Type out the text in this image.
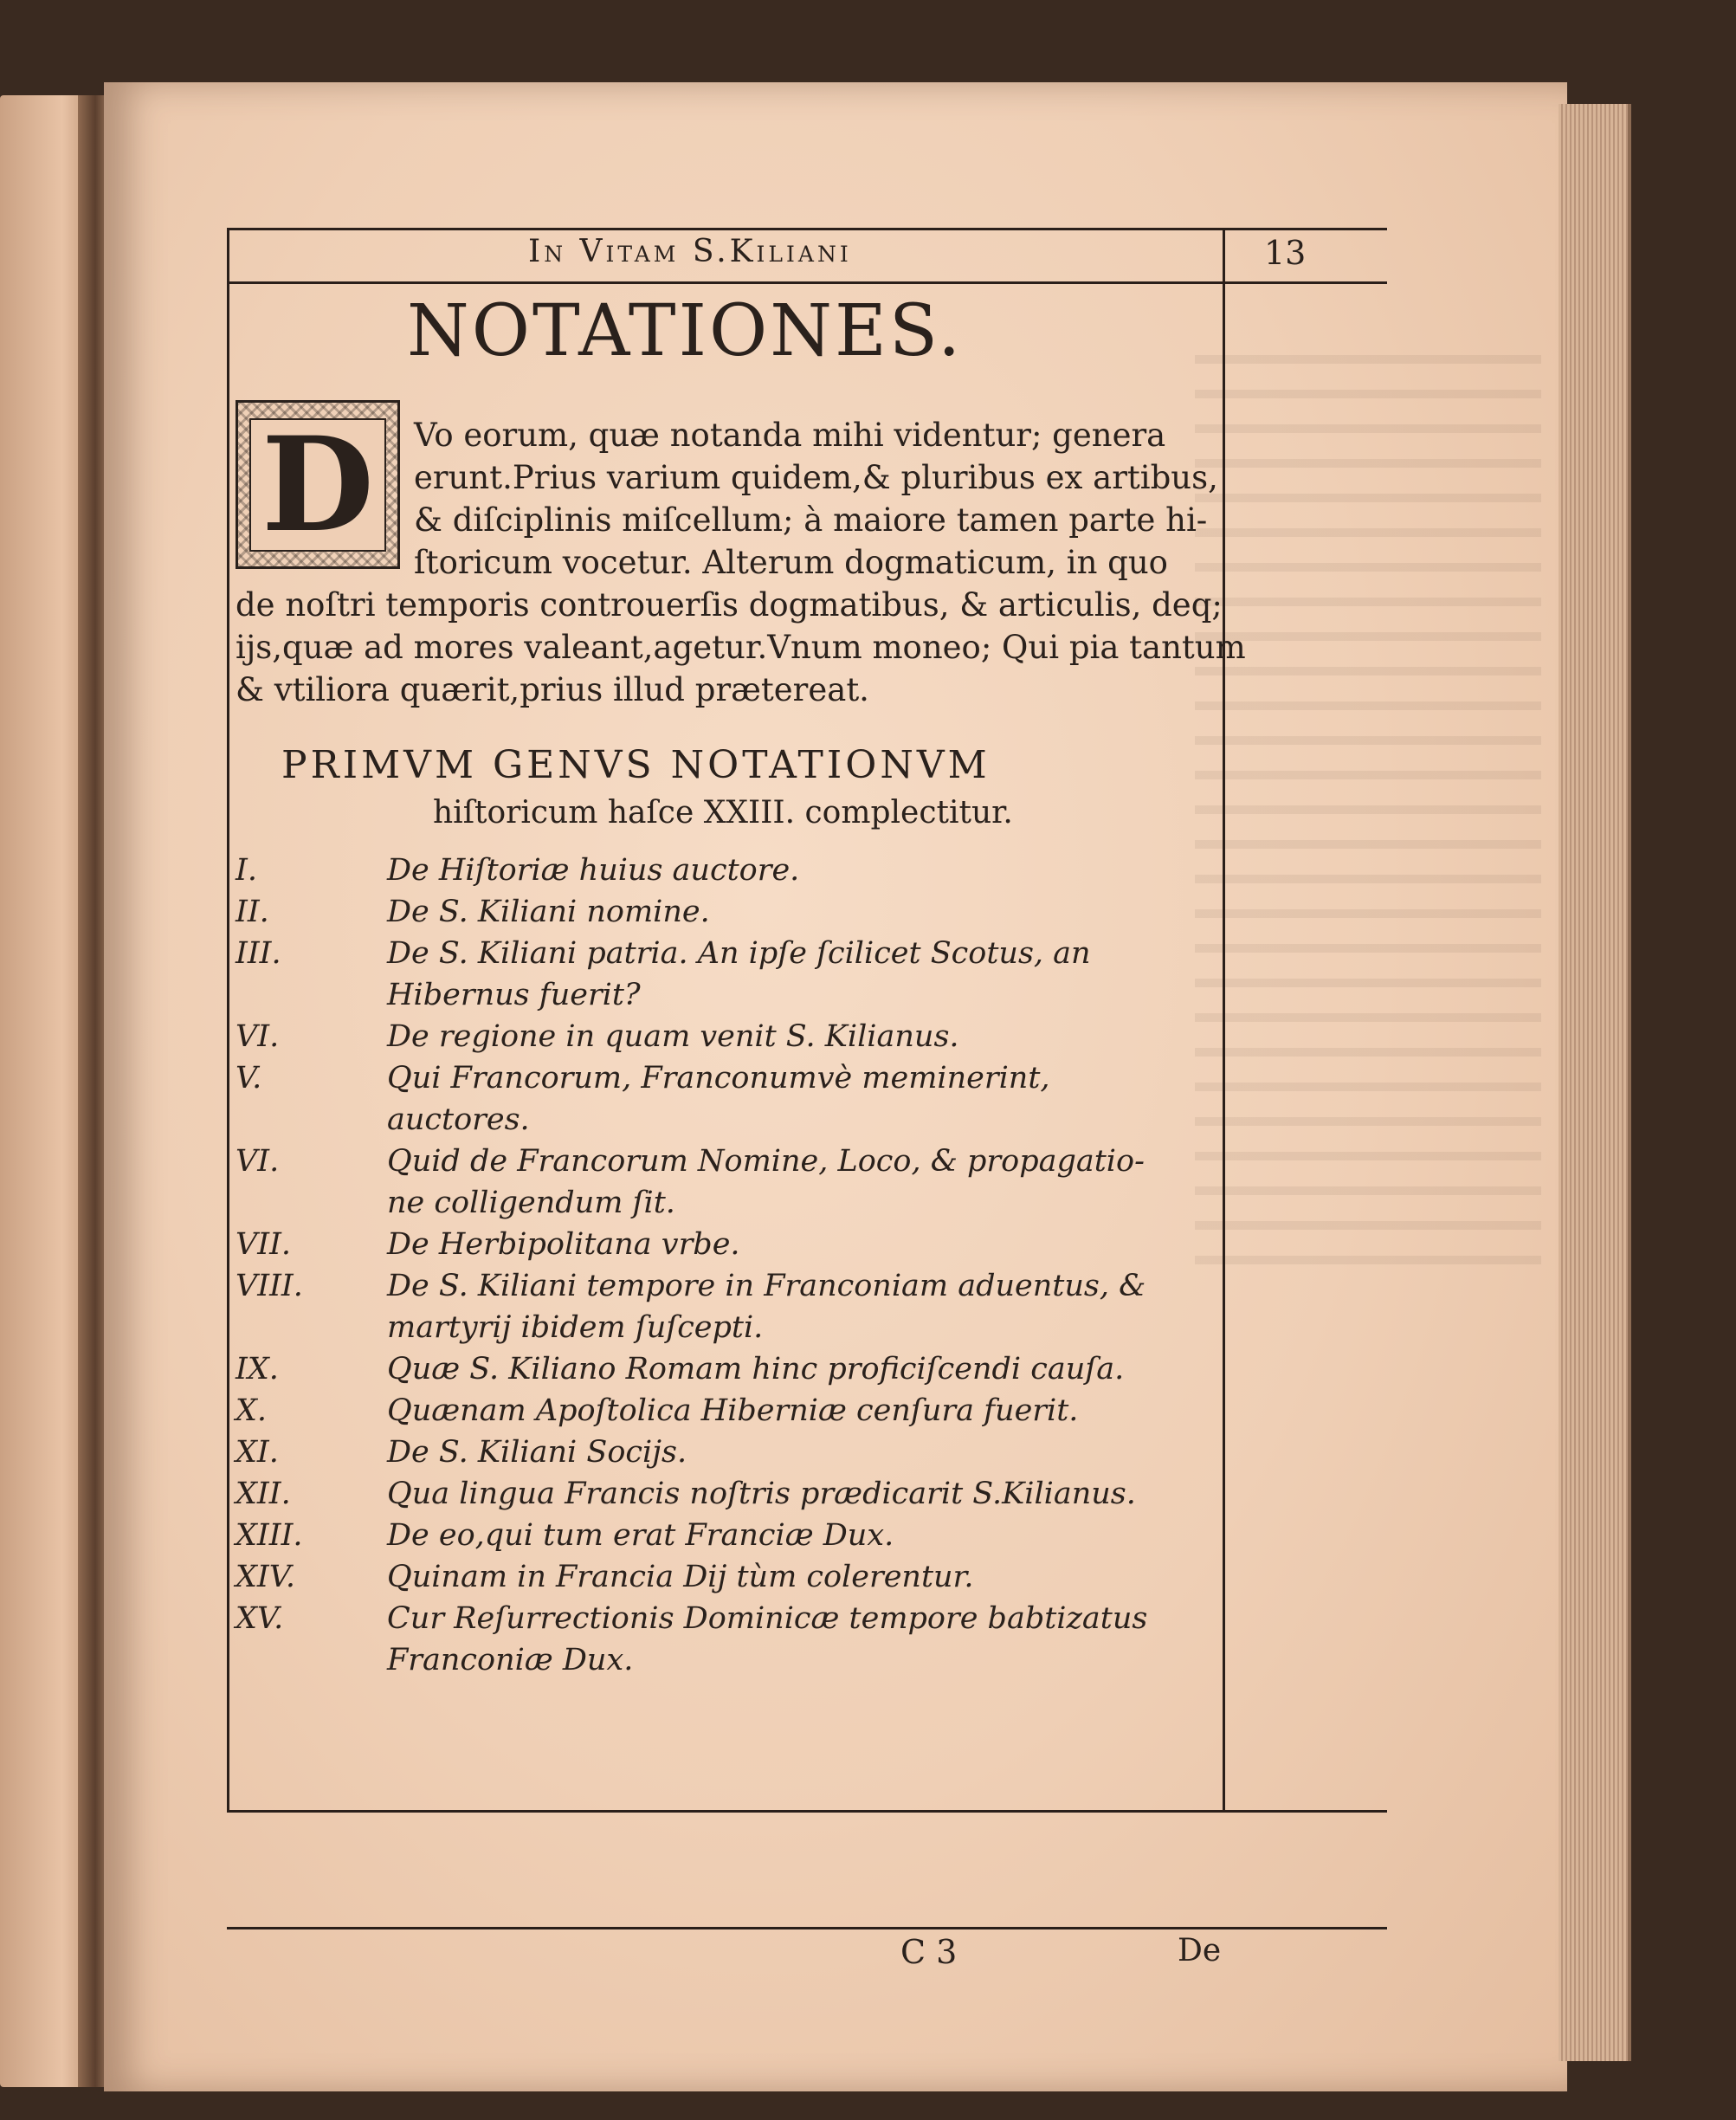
In Vitam S.Kiliani	13
NOTATIONES.
D	Vo eorum, quæ notanda mihi videntur; genera
erunt.Prius varium quidem,& pluribus ex artibus,
& diſciplinis miſcellum; à maiore tamen parte hi-
ſtoricum vocetur. Alterum dogmaticum, in quo
de noſtri temporis controuerſis dogmatibus, & articulis, deq;
ijs,quæ ad mores valeant,agetur.Vnum moneo; Qui pia tantum
& vtiliora quærit,prius illud prætereat.
PRIMVM GENVS NOTATIONVM
hiſtoricum haſce XXIII. complectitur.
I.	De Hiſtoriæ huius auctore.
II.	De S. Kiliani nomine.
III.	De S. Kiliani patria. An ipſe ſcilicet Scotus, an
Hibernus fuerit?
VI.	De regione in quam venit S. Kilianus.
V.	Qui Francorum, Franconumvè meminerint,
auctores.
VI.	Quid de Francorum Nomine, Loco, & propagatio-
ne colligendum ſit.
VII.	De Herbipolitana vrbe.
VIII.	De S. Kiliani tempore in Franconiam aduentus, &
martyrij ibidem ſuſcepti.
IX.	Quæ S. Kiliano Romam hinc proficiſcendi cauſa.
X.	Quænam Apoſtolica Hiberniæ cenſura fuerit.
XI.	De S. Kiliani Socijs.
XII.	Qua lingua Francis noſtris prædicarit S.Kilianus.
XIII.	De eo,qui tum erat Franciæ Dux.
XIV.	Quinam in Francia Dij tùm colerentur.
XV.	Cur Reſurrectionis Dominicæ tempore babtizatus
Franconiæ Dux.
C 3	De
